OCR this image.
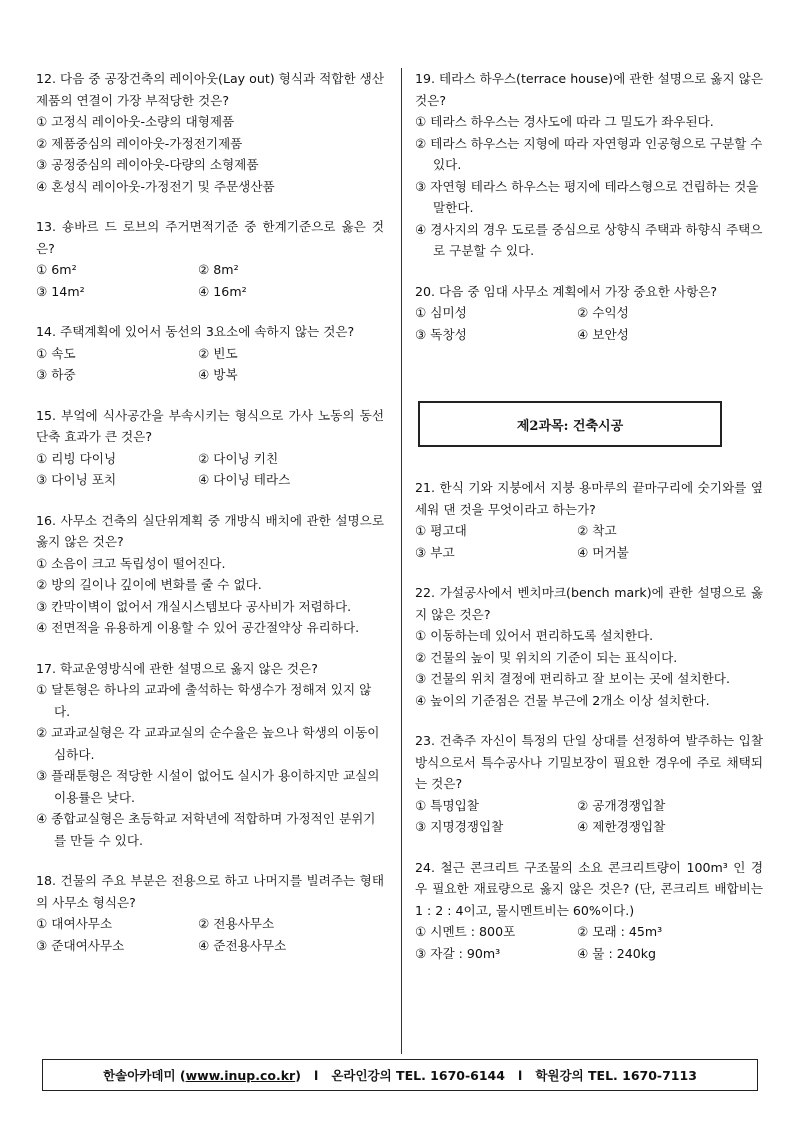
12. 다음 중 공장건축의 레이아웃(Lay out) 형식과 적합한 생산제품의 연결이 가장 부적당한 것은?
① 고정식 레이아웃-소량의 대형제품
② 제품중심의 레이아웃-가정전기제품
③ 공정중심의 레이아웃-다량의 소형제품
④ 혼성식 레이아웃-가정전기 및 주문생산품
13. 숑바르 드 로브의 주거면적기준 중 한계기준으로 옳은 것은?
① 6m²	② 8m²
③ 14m²	④ 16m²
14. 주택계획에 있어서 동선의 3요소에 속하지 않는 것은?
① 속도	② 빈도
③ 하중	④ 방복
15. 부엌에 식사공간을 부속시키는 형식으로 가사 노동의 동선 단축 효과가 큰 것은?
① 리빙 다이닝	② 다이닝 키친
③ 다이닝 포치	④ 다이닝 테라스
16. 사무소 건축의 실단위계획 중 개방식 배치에 관한 설명으로 옳지 않은 것은?
① 소음이 크고 독립성이 떨어진다.
② 방의 길이나 깊이에 변화를 줄 수 없다.
③ 칸막이벽이 없어서 개실시스템보다 공사비가 저렴하다.
④ 전면적을 유용하게 이용할 수 있어 공간절약상 유리하다.
17. 학교운영방식에 관한 설명으로 옳지 않은 것은?
① 달톤형은 하나의 교과에 출석하는 학생수가 정해져 있지 않다.
② 교과교실형은 각 교과교실의 순수율은 높으나 학생의 이동이 심하다.
③ 플래툰형은 적당한 시설이 없어도 실시가 용이하지만 교실의 이용률은 낮다.
④ 종합교실형은 초등학교 저학년에 적합하며 가정적인 분위기를 만들 수 있다.
18. 건물의 주요 부분은 전용으로 하고 나머지를 빌려주는 형태의 사무소 형식은?
① 대여사무소	② 전용사무소
③ 준대여사무소	④ 준전용사무소
19. 테라스 하우스(terrace house)에 관한 설명으로 옳지 않은 것은?
① 테라스 하우스는 경사도에 따라 그 밀도가 좌우된다.
② 테라스 하우스는 지형에 따라 자연형과 인공형으로 구분할 수 있다.
③ 자연형 테라스 하우스는 평지에 테라스형으로 건립하는 것을 말한다.
④ 경사지의 경우 도로를 중심으로 상향식 주택과 하향식 주택으로 구분할 수 있다.
20. 다음 중 임대 사무소 계획에서 가장 중요한 사항은?
① 심미성	② 수익성
③ 독창성	④ 보안성
제2과목: 건축시공
21. 한식 기와 지붕에서 지붕 용마루의 끝마구리에 숫기와를 옆세워 댄 것을 무엇이라고 하는가?
① 평고대	② 착고
③ 부고	④ 머거불
22. 가설공사에서 벤치마크(bench mark)에 관한 설명으로 옳지 않은 것은?
① 이동하는데 있어서 편리하도록 설치한다.
② 건물의 높이 및 위치의 기준이 되는 표식이다.
③ 건물의 위치 결정에 편리하고 잘 보이는 곳에 설치한다.
④ 높이의 기준점은 건물 부근에 2개소 이상 설치한다.
23. 건축주 자신이 특정의 단일 상대를 선정하여 발주하는 입찰방식으로서 특수공사나 기밀보장이 필요한 경우에 주로 채택되는 것은?
① 특명입찰	② 공개경쟁입찰
③ 지명경쟁입찰	④ 제한경쟁입찰
24. 철근 콘크리트 구조물의 소요 콘크리트량이 100m³ 인 경우 필요한 재료량으로 옳지 않은 것은? (단, 콘크리트 배합비는 1 : 2 : 4이고, 물시멘트비는 60%이다.)
① 시멘트 : 800포	② 모래 : 45m³
③ 자갈 : 90m³	④ 물 : 240kg
한솔아카데미 ( www.inup.co.kr )   l   온라인강의 TEL. 1670-6144   l   학원강의 TEL. 1670-7113
